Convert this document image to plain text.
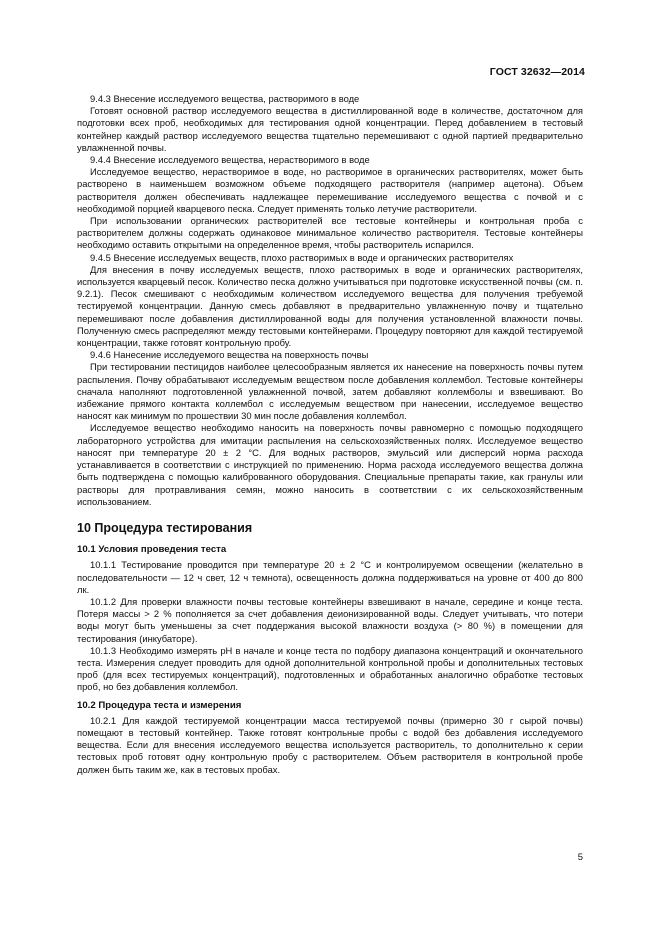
ГОСТ 32632—2014
9.4.3 Внесение исследуемого вещества, растворимого в воде
Готовят основной раствор исследуемого вещества в дистиллированной воде в количестве, достаточном для подготовки всех проб, необходимых для тестирования одной концентрации. Перед добавлением в тестовый контейнер каждый раствор исследуемого вещества тщательно перемешивают с одной партией предварительно увлажненной почвы.
9.4.4 Внесение исследуемого вещества, нерастворимого в воде
Исследуемое вещество, нерастворимое в воде, но растворимое в органических растворителях, может быть растворено в наименьшем возможном объеме подходящего растворителя (например ацетона). Объем растворителя должен обеспечивать надлежащее перемешивание исследуемого вещества с почвой и с необходимой порцией кварцевого песка. Следует применять только летучие растворители.
При использовании органических растворителей все тестовые контейнеры и контрольная проба с растворителем должны содержать одинаковое минимальное количество растворителя. Тестовые контейнеры необходимо оставить открытыми на определенное время, чтобы растворитель испарился.
9.4.5 Внесение исследуемых веществ, плохо растворимых в воде и органических растворителях
Для внесения в почву исследуемых веществ, плохо растворимых в воде и органических растворителях, используется кварцевый песок. Количество песка должно учитываться при подготовке искусственной почвы (см. п. 9.2.1). Песок смешивают с необходимым количеством исследуемого вещества для получения требуемой тестируемой концентрации. Данную смесь добавляют в предварительно увлажненную почву и тщательно перемешивают после добавления дистиллированной воды для получения установленной влажности почвы. Полученную смесь распределяют между тестовыми контейнерами. Процедуру повторяют для каждой тестируемой концентрации, также готовят контрольную пробу.
9.4.6 Нанесение исследуемого вещества на поверхность почвы
При тестировании пестицидов наиболее целесообразным является их нанесение на поверхность почвы путем распыления. Почву обрабатывают исследуемым веществом после добавления коллембол. Тестовые контейнеры сначала наполняют подготовленной увлажненной почвой, затем добавляют коллемболы и взвешивают. Во избежание прямого контакта коллембол с исследуемым веществом при нанесении, исследуемое вещество наносят как минимум по прошествии 30 мин после добавления коллембол.
Исследуемое вещество необходимо наносить на поверхность почвы равномерно с помощью подходящего лабораторного устройства для имитации распыления на сельскохозяйственных полях. Исследуемое вещество наносят при температуре 20 ± 2 °C. Для водных растворов, эмульсий или дисперсий норма расхода устанавливается в соответствии с инструкцией по применению. Норма расхода исследуемого вещества должна быть подтверждена с помощью калиброванного оборудования. Специальные препараты такие, как гранулы или растворы для протравливания семян, можно наносить в соответствии с их сельскохозяйственным использованием.
10 Процедура тестирования
10.1 Условия проведения теста
10.1.1 Тестирование проводится при температуре 20 ± 2 °C и контролируемом освещении (желательно в последовательности — 12 ч свет, 12 ч темнота), освещенность должна поддерживаться на уровне от 400 до 800 лк.
10.1.2 Для проверки влажности почвы тестовые контейнеры взвешивают в начале, середине и конце теста. Потеря массы > 2 % пополняется за счет добавления деионизированной воды. Следует учитывать, что потери воды могут быть уменьшены за счет поддержания высокой влажности воздуха (> 80 %) в помещении для тестирования (инкубаторе).
10.1.3 Необходимо измерять pH в начале и конце теста по подбору диапазона концентраций и окончательного теста. Измерения следует проводить для одной дополнительной контрольной пробы и дополнительных тестовых проб (для всех тестируемых концентраций), подготовленных и обработанных аналогично обработке тестовых проб, но без добавления коллембол.
10.2 Процедура теста и измерения
10.2.1 Для каждой тестируемой концентрации масса тестируемой почвы (примерно 30 г сырой почвы) помещают в тестовый контейнер. Также готовят контрольные пробы с водой без добавления исследуемого вещества. Если для внесения исследуемого вещества используется растворитель, то дополнительно к серии тестовых проб готовят одну контрольную пробу с растворителем. Объем растворителя в контрольной пробе должен быть таким же, как в тестовых пробах.
5
